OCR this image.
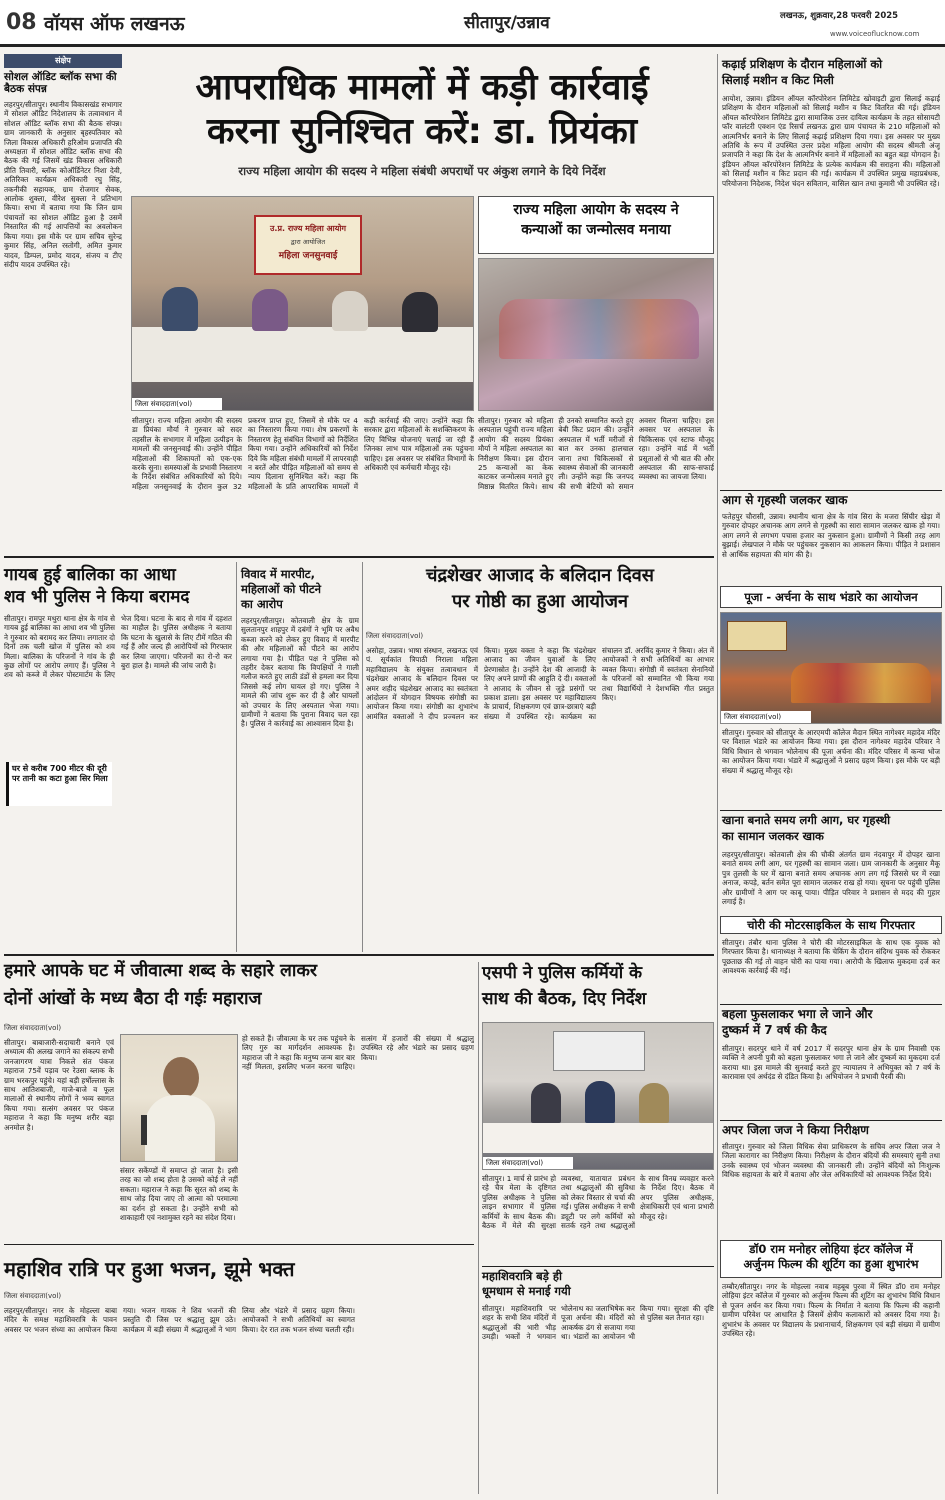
08 वॉयस ऑफ लखनऊ	सीतापुर/उन्नाव	लखनऊ, शुक्रवार,28 फरवरी 2025
www.voiceoflucknow.com
संक्षेप
सोशल ऑडिट ब्लॉक सभा की बैठक संपन्न
लहरपुर/सीतापुर। स्थानीय विकासखंड सभागार में सोशल ऑडिट निदेशालय के तत्वावधान में सोशल ऑडिट ब्लॉक सभा की बैठक संपन्न। ग्राम जानकारी के अनुसार बृहस्पतिवार को जिला विकास अधिकारी हरिओम प्रजापति की अध्यक्षता में सोशल ऑडिट ब्लॉक सभा की बैठक की गई जिसमें खंड विकास अधिकारी प्रीति तिवारी, ब्लॉक कोऑर्डिनेटर निशा देवी, अतिरिक्त कार्यक्रम अधिकारी रघु सिंह, तकनीकी सहायक, ग्राम रोजगार सेवक, आलोक शुक्ला, वीरेश सुक्ला ने प्रतिभाग किया। सभा में बताया गया कि जिन ग्राम पंचायतों का सोशल ऑडिट हुआ है उसमें निस्तारित की गई आपत्तियों का अवलोकन किया गया। इस मौके पर ग्राम सचिव सुरेन्द्र कुमार सिंह, अनिल रस्तोगी, अमित कुमार यादव, डिम्पल, प्रमोद यादव, संजय व टीए संदीप यादव उपस्थित रहे।
आपराधिक मामलों में कड़ी कार्रवाई
करना सुनिश्चित करें: डा. प्रियंका
राज्य महिला आयोग की सदस्य ने महिला संबंधी अपराधों पर अंकुश लगाने के दिये निर्देश
उ.प्र. राज्य महिला आयोग
द्वारा आयोजित
महिला जनसुनवाई
जिला संवाददाता(vol)
सीतापुर। राज्य महिला आयोग की सदस्य डा प्रियंका मौर्या ने गुरुवार को सदर तहसील के सभागार में महिला उत्पीड़न के मामलों की जनसुनवाई की। उन्होंने पीड़ित महिलाओं की शिकायतों को एक-एक करके सुना। समस्याओं के प्रभावी निस्तारण के निर्देश संबंधित अधिकारियों को दिये। महिला जनसुनवाई के दौरान कुल 32 प्रकरण प्राप्त हुए, जिसमें से मौके पर 4 का निस्तारण किया गया। शेष प्रकरणों के निस्तारण हेतु संबंधित विभागों को निर्देशित किया गया। उन्होंने अधिकारियों को निर्देश दिये कि महिला संबंधी मामलों में लापरवाही न बरतें और पीड़ित महिलाओं को समय से न्याय दिलाना सुनिश्चित करें। कहा कि महिलाओं के प्रति आपराधिक मामलों में कड़ी कार्रवाई की जाए। उन्होंने कहा कि सरकार द्वारा महिलाओं के सशक्तिकरण के लिए विभिन्न योजनाएं चलाई जा रही हैं जिनका लाभ पात्र महिलाओं तक पहुंचना चाहिए। इस अवसर पर संबंधित विभागों के अधिकारी एवं कर्मचारी मौजूद रहे।
राज्य महिला आयोग के सदस्य ने
कन्याओं का जन्मोत्सव मनाया
सीतापुर। गुरुवार को महिला अस्पताल पहुंची राज्य महिला आयोग की सदस्य प्रियंका मौर्या ने महिला अस्पताल का निरीक्षण किया। इस दौरान 25 कन्याओं का केक काटकर जन्मोत्सव मनाते हुए मिष्ठान्न वितरित किये। साथ ही उनको सम्मानित करते हुए बेबी किट प्रदान की। उन्होंने अस्पताल में भर्ती मरीजों से बात कर उनका हालचाल जाना तथा चिकित्सकों से स्वास्थ्य सेवाओं की जानकारी ली। उन्होंने कहा कि जनपद की सभी बेटियों को समान अवसर मिलना चाहिए। इस अवसर पर अस्पताल के चिकित्सक एवं स्टाफ मौजूद रहा। उन्होंने वार्ड में भर्ती प्रसूताओं से भी बात की और अस्पताल की साफ-सफाई व्यवस्था का जायजा लिया।
कढ़ाई प्रशिक्षण के दौरान महिलाओं को
सिलाई मशीन व किट मिली
आयोश, उन्नाव। इंडियन ऑयल कॉरपोरेशन लिमिटेड खोवाइटी द्वारा सिलाई कढ़ाई प्रशिक्षण के दौरान महिलाओं को सिलाई मशीन व किट वितरित की गई। इंडियन ऑयल कॉरपोरेशन लिमिटेड द्वारा सामाजिक उत्तर दायित्व कार्यक्रम के तहत सोसायटी फॉर वालंटरी एक्शन एंड रिसर्च लखनऊ द्वारा ग्राम पंचायत के 210 महिलाओं को आत्मनिर्भर बनाने के लिए सिलाई कढ़ाई प्रशिक्षण दिया गया। इस अवसर पर मुख्य अतिथि के रूप में उपस्थित उत्तर प्रदेश महिला आयोग की सदस्य श्रीमती अंजू प्रजापति ने कहा कि देश के आत्मनिर्भर बनाने में महिलाओं का बहुत बड़ा योगदान है। इंडियन ऑयल कॉरपोरेशन लिमिटेड के प्रत्येक कार्यक्रम की सराहना की। महिलाओं को सिलाई मशीन व किट प्रदान की गई। कार्यक्रम में उपस्थित प्रमुख महाप्रबंधक, परियोजना निदेशक, निदेश चंदन सवितान, वासिल खान तथा कुमारी भी उपस्थित रहे।
आग से गृहस्थी जलकर खाक
फतेहपुर चौरासी, उन्नाव। स्थानीय थाना क्षेत्र के गांव सिरा के मजरा सिंघीर खेड़ा में गुरुवार दोपहर अचानक आग लगने से गृहस्थी का सारा सामान जलकर खाक हो गया। आग लगने से लगभग पचास हजार का नुकसान हुआ। ग्रामीणों ने किसी तरह आग बुझाई। लेखपाल ने मौके पर पहुंचकर नुकसान का आकलन किया। पीड़ित ने प्रशासन से आर्थिक सहायता की मांग की है।
पूजा - अर्चना के साथ भंडारे का आयोजन
जिला संवाददाता(vol)
सीतापुर। गुरुवार को सीतापुर के आरएमपी कॉलेज मैदान स्थित नागेश्वर महादेव मंदिर पर विशाल भंडारे का आयोजन किया गया। इस दौरान नागेश्वर महादेव परिवार ने विधि विधान से भगवान भोलेनाथ की पूजा अर्चना की। मंदिर परिसर में कन्या भोज का आयोजन किया गया। भंडारे में श्रद्धालुओं ने प्रसाद ग्रहण किया। इस मौके पर बड़ी संख्या में श्रद्धालु मौजूद रहे।
खाना बनाते समय लगी आग, घर गृहस्थी
का सामान जलकर खाक
लहरपुर/सीतापुर। कोतवाली क्षेत्र की चौकी अंतर्गत ग्राम नंदवापुर में दोपहर खाना बनाते समय लगी आग, घर गृहस्थी का सामान जला। ग्राम जानकारी के अनुसार मैकू पुत्र तुलसी के घर में खाना बनाते समय अचानक आग लग गई जिससे घर में रखा अनाज, कपड़े, बर्तन समेत पूरा सामान जलकर राख हो गया। सूचना पर पहुंची पुलिस और ग्रामीणों ने आग पर काबू पाया। पीड़ित परिवार ने प्रशासन से मदद की गुहार लगाई है।
चोरी की मोटरसाइकिल के साथ गिरफ्तार
सीतापुर। तंबौर थाना पुलिस ने चोरी की मोटरसाइकिल के साथ एक युवक को गिरफ्तार किया है। थानाध्यक्ष ने बताया कि चेकिंग के दौरान संदिग्ध युवक को रोककर पूछताछ की गई तो वाहन चोरी का पाया गया। आरोपी के खिलाफ मुकदमा दर्ज कर आवश्यक कार्रवाई की गई।
बहला फुसलाकर भगा ले जाने और
दुष्कर्म में 7 वर्ष की कैद
सीतापुर। सदरपुर थाने में वर्ष 2017 में सदरपुर थाना क्षेत्र के ग्राम निवासी एक व्यक्ति ने अपनी पुत्री को बहला फुसलाकर भगा ले जाने और दुष्कर्म का मुकदमा दर्ज कराया था। इस मामले की सुनवाई करते हुए न्यायालय ने अभियुक्त को 7 वर्ष के कारावास एवं अर्थदंड से दंडित किया है। अभियोजन ने प्रभावी पैरवी की।
अपर जिला जज ने किया निरीक्षण
सीतापुर। गुरुवार को जिला विधिक सेवा प्राधिकरण के सचिव अपर जिला जज ने जिला कारागार का निरीक्षण किया। निरीक्षण के दौरान बंदियों की समस्याएं सुनी तथा उनके स्वास्थ्य एवं भोजन व्यवस्था की जानकारी ली। उन्होंने बंदियों को निःशुल्क विधिक सहायता के बारे में बताया और जेल अधिकारियों को आवश्यक निर्देश दिये।
डॉ0 राम मनोहर लोहिया इंटर कॉलेज में
अर्जुनम फिल्म की शूटिंग का हुआ शुभारंभ
तम्बौर/सीतापुर। नगर के मोहल्ला नवाब महबूब पुरवा में स्थित डॉ0 राम मनोहर लोहिया इंटर कॉलेज में गुरुवार को अर्जुनम फिल्म की शूटिंग का शुभारंभ विधि विधान से पूजन अर्चन कर किया गया। फिल्म के निर्माता ने बताया कि फिल्म की कहानी ग्रामीण परिवेश पर आधारित है जिसमें क्षेत्रीय कलाकारों को अवसर दिया गया है। शुभारंभ के अवसर पर विद्यालय के प्रधानाचार्य, शिक्षकगण एवं बड़ी संख्या में ग्रामीण उपस्थित रहे।
गायब हुई बालिका का आधा
शव भी पुलिस ने किया बरामद
सीतापुर। रामपुर मथुरा थाना क्षेत्र के गांव से गायब हुई बालिका का आधा शव भी पुलिस ने गुरुवार को बरामद कर लिया। लगातार दो दिनों तक चली खोज में पुलिस को शव मिला। बालिका के परिजनों ने गांव के ही कुछ लोगों पर आरोप लगाए हैं। पुलिस ने शव को कब्जे में लेकर पोस्टमार्टम के लिए भेज दिया। घटना के बाद से गांव में दहशत का माहौल है। पुलिस अधीक्षक ने बताया कि घटना के खुलासे के लिए टीमें गठित की गई हैं और जल्द ही आरोपियों को गिरफ्तार कर लिया जाएगा। परिजनों का रो-रो कर बुरा हाल है। मामले की जांच जारी है।
घर से करीब 700 मीटर की दूरी पर तानी का कटा हुआ सिर मिला
विवाद में मारपीट,
महिलाओं को पीटने
का आरोप
लहरपुर/सीतापुर। कोतवाली क्षेत्र के ग्राम सुलतानपुर शाहपुर में दबंगों ने भूमि पर अवैध कब्जा करने को लेकर हुए विवाद में मारपीट की और महिलाओं को पीटने का आरोप लगाया गया है। पीड़ित पक्ष ने पुलिस को तहरीर देकर बताया कि विपक्षियों ने गाली गलौज करते हुए लाठी डंडों से हमला कर दिया जिससे कई लोग घायल हो गए। पुलिस ने मामले की जांच शुरू कर दी है और घायलों को उपचार के लिए अस्पताल भेजा गया। ग्रामीणों ने बताया कि पुराना विवाद चल रहा है। पुलिस ने कार्रवाई का आश्वासन दिया है।
चंद्रशेखर आजाद के बलिदान दिवस
पर गोष्ठी का हुआ आयोजन
जिला संवाददाता(vol)
असोहा, उन्नाव। भाषा संस्थान, लखनऊ एवं पं. सूर्यकांत त्रिपाठी निराला महिला महाविद्यालय के संयुक्त तत्वावधान में चंद्रशेखर आजाद के बलिदान दिवस पर अमर शहीद चंद्रशेखर आजाद का स्वतंत्रता आंदोलन में योगदान विषयक संगोष्ठी का आयोजन किया गया। संगोष्ठी का शुभारंभ आमंत्रित वक्ताओं ने दीप प्रज्वलन कर किया। मुख्य वक्ता ने कहा कि चंद्रशेखर आजाद का जीवन युवाओं के लिए प्रेरणास्रोत है। उन्होंने देश की आजादी के लिए अपने प्राणों की आहुति दे दी। वक्ताओं ने आजाद के जीवन से जुड़े प्रसंगों पर प्रकाश डाला। इस अवसर पर महाविद्यालय के प्राचार्य, शिक्षकगण एवं छात्र-छात्राएं बड़ी संख्या में उपस्थित रहे। कार्यक्रम का संचालन डॉ. अरविंद कुमार ने किया। अंत में आयोजकों ने सभी अतिथियों का आभार व्यक्त किया। संगोष्ठी में स्वतंत्रता सेनानियों के परिजनों को सम्मानित भी किया गया तथा विद्यार्थियों ने देशभक्ति गीत प्रस्तुत किए।
हमारे आपके घट में जीवात्मा शब्द के सहारे लाकर
दोनों आंखों के मध्य बैठा दी गईः महाराज
जिला संवाददाता(vol)
सीतापुर। बाबाजारी-सदाचारी बनाने एवं अध्यात्म की अलख जगाने का संकल्प सभी जनजागरण यात्रा निकले संत पंकज महाराज 75वें पड़ाव पर रेउसा ब्लाक के ग्राम भरकपुर पहुंचे। यहां बड़ी हर्षोल्लास के साथ आतिशबाजी, गाजे-बाजे व फूल मालाओं से स्थानीय लोगों ने भव्य स्वागत किया गया। सत्संग अवसर पर पंकज महाराज ने कहा कि मनुष्य शरीर बड़ा अनमोल है।
संसार सकेंण्डों में समाप्त हो जाता है। इसी तरह का जो शब्द होता है उसको कोई ले नहीं सकता। महाराज ने कहा कि सुरत को शब्द के साथ जोड़ दिया जाए तो आत्मा को परमात्मा का दर्शन हो सकता है। उन्होंने सभी को शाकाहारी एवं नशामुक्त रहने का संदेश दिया।
हो सकते हैं। जीवात्मा के घर तक पहुंचने के लिए गुरु का मार्गदर्शन आवश्यक है। महाराज जी ने कहा कि मनुष्य जन्म बार बार नहीं मिलता, इसलिए भजन करना चाहिए। सत्संग में हजारों की संख्या में श्रद्धालु उपस्थित रहे और भंडारे का प्रसाद ग्रहण किया।
एसपी ने पुलिस कर्मियों के
साथ की बैठक, दिए निर्देश
जिला संवाददाता(vol)
सीतापुर। 1 मार्च से प्रारंभ हो रहे चैत्र मेला के दृष्टिगत पुलिस अधीक्षक ने पुलिस लाइन सभागार में पुलिस कर्मियों के साथ बैठक की। बैठक में मेले की सुरक्षा व्यवस्था, यातायात प्रबंधन तथा श्रद्धालुओं की सुविधा को लेकर विस्तार से चर्चा की गई। पुलिस अधीक्षक ने सभी ड्यूटी पर लगे कर्मियों को सतर्क रहने तथा श्रद्धालुओं के साथ विनम्र व्यवहार करने के निर्देश दिए। बैठक में अपर पुलिस अधीक्षक, क्षेत्राधिकारी एवं थाना प्रभारी मौजूद रहे।
महाशिव रात्रि पर हुआ भजन, झूमे भक्त
जिला संवाददाता(vol)
लहरपुर/सीतापुर। नगर के मोहल्ला बाबा मंदिर के समक्ष महाशिवरात्रि के पावन अवसर पर भजन संध्या का आयोजन किया गया। भजन गायक ने शिव भजनों की प्रस्तुति दी जिस पर श्रद्धालु झूम उठे। कार्यक्रम में बड़ी संख्या में श्रद्धालुओं ने भाग लिया और भंडारे में प्रसाद ग्रहण किया। आयोजकों ने सभी अतिथियों का स्वागत किया। देर रात तक भजन संध्या चलती रही।
महाशिवरात्रि बड़े ही
धूमधाम से मनाई गयी
सीतापुर। महाशिवरात्रि पर शहर के सभी शिव मंदिरों में श्रद्धालुओं की भारी भीड़ उमड़ी। भक्तों ने भगवान भोलेनाथ का जलाभिषेक कर पूजा अर्चना की। मंदिरों को आकर्षक ढंग से सजाया गया था। भंडारों का आयोजन भी किया गया। सुरक्षा की दृष्टि से पुलिस बल तैनात रहा।
